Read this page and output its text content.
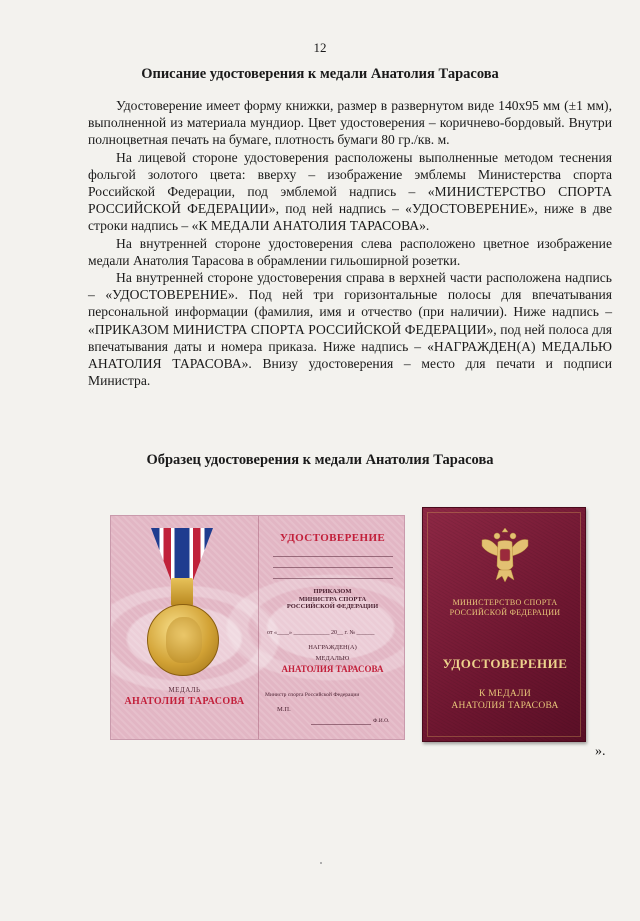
12
Описание удостоверения к медали Анатолия Тарасова

Удостоверение имеет форму книжки, размер в развернутом виде 140х95 мм (±1 мм), выполненной из материала мундиор. Цвет удостоверения – коричнево-бордовый. Внутри полноцветная печать на бумаге, плотность бумаги 80 гр./кв. м.

На лицевой стороне удостоверения расположены выполненные методом теснения фольгой золотого цвета: вверху – изображение эмблемы Министерства спорта Российской Федерации, под эмблемой надпись – «МИНИСТЕРСТВО СПОРТА РОССИЙСКОЙ ФЕДЕРАЦИИ», под ней надпись – «УДОСТОВЕРЕНИЕ», ниже в две строки надпись – «К МЕДАЛИ АНАТОЛИЯ ТАРАСОВА».

На внутренней стороне удостоверения слева расположено цветное изображение медали Анатолия Тарасова в обрамлении гильоширной розетки.

На внутренней стороне удостоверения справа в верхней части расположена надпись – «УДОСТОВЕРЕНИЕ». Под ней три горизонтальные полосы для впечатывания персональной информации (фамилия, имя и отчество (при наличии). Ниже надпись – «ПРИКАЗОМ МИНИСТРА СПОРТА РОССИЙСКОЙ ФЕДЕРАЦИИ», под ней полоса для впечатывания даты и номера приказа. Ниже надпись – «НАГРАЖДЕН(А) МЕДАЛЬЮ АНАТОЛИЯ ТАРАСОВА». Внизу удостоверения – место для печати и подписи Министра.

Образец удостоверения к медали Анатолия Тарасова
МЕДАЛЬ
АНАТОЛИЯ ТАРАСОВА
УДОСТОВЕРЕНИЕ
ПРИКАЗОМ
МИНИСТРА СПОРТА
РОССИЙСКОЙ ФЕДЕРАЦИИ
от «____» ____________ 20__ г. № ______
НАГРАЖДЕН(А)
МЕДАЛЬЮ
АНАТОЛИЯ ТАРАСОВА
Министр спорта Российской Федерации
М.П.
Ф.И.О.
МИНИСТЕРСТВО СПОРТА
РОССИЙСКОЙ ФЕДЕРАЦИИ
УДОСТОВЕРЕНИЕ
К МЕДАЛИ
АНАТОЛИЯ ТАРАСОВА
».
